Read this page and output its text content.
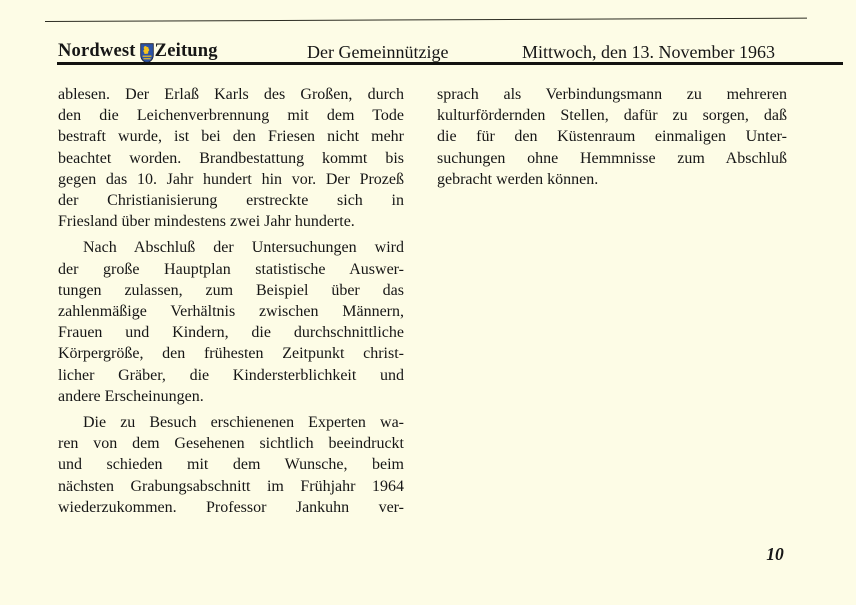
Nordwest Zeitung	Der Gemeinnützige	Mittwoch, den 13. November 1963
ablesen. Der Erlaß Karls des Großen, durch
den die Leichenverbrennung mit dem Tode
bestraft wurde, ist bei den Friesen nicht mehr
beachtet worden. Brandbestattung kommt bis
gegen das 10. Jahr hundert hin vor. Der Prozeß
der Christianisierung erstreckte sich in
Friesland über mindestens zwei Jahr hunderte.
Nach Abschluß der Untersuchungen wird
der große Hauptplan statistische Auswer-
tungen zulassen, zum Beispiel über das
zahlenmäßige Verhältnis zwischen Männern,
Frauen und Kindern, die durchschnittliche
Körpergröße, den frühesten Zeitpunkt christ-
licher Gräber, die Kindersterblichkeit und
andere Erscheinungen.
Die zu Besuch erschienenen Experten wa-
ren von dem Gesehenen sichtlich beeindruckt
und schieden mit dem Wunsche, beim
nächsten Grabungsabschnitt im Frühjahr 1964
wiederzukommen. Professor Jankuhn ver-
sprach als Verbindungsmann zu mehreren
kulturfördernden Stellen, dafür zu sorgen, daß
die für den Küstenraum einmaligen Unter-
suchungen ohne Hemmnisse zum Abschluß
gebracht werden können.
10
